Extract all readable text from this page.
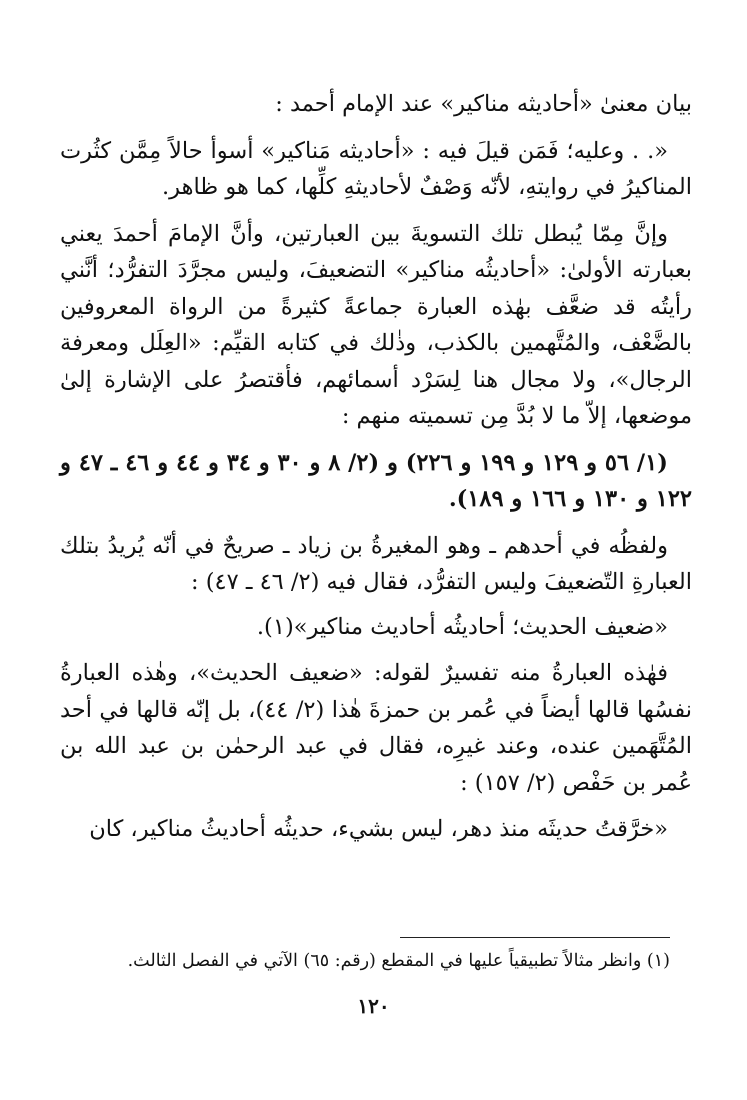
بيان معنىٰ «أحاديثه مناكير» عند الإمام أحمد :

«. . وعليه؛ فَمَن قيلَ فيه : «أحاديثه مَناكير» أسوأ حالاً مِمَّن كثُرت المناكيرُ في روايتهِ، لأنّه وَصْفٌ لأحاديثهِ كلِّها، كما هو ظاهر.

وإنَّ مِمّا يُبطل تلك التسويةَ بين العبارتين، وأنَّ الإمامَ أحمدَ يعني بعبارته الأولىٰ: «أحاديثُه مناكير» التضعيفَ، وليس مجرَّدَ التفرُّد؛ أنَّني رأيتُه قد ضعَّف بهٰذه العبارة جماعةً كثيرةً من الرواة المعروفين بالضَّعْف، والمُتَّهمين بالكذب، وذٰلك في كتابه القيِّم: «العِلَل ومعرفة الرجال»، ولا مجال هنا لِسَرْد أسمائهم، فأقتصرُ على الإشارة إلىٰ موضعها، إلاّ ما لا بُدَّ مِن تسميته منهم :

(١/ ٥٦ و ١٢٩ و ١٩٩ و ٢٢٦) و (٢/ ٨ و ٣٠ و ٣٤ و ٤٤ و ٤٦ ـ ٤٧ و ١٢٢ و ١٣٠ و ١٦٦ و ١٨٩).

ولفظُه في أحدهم ـ وهو المغيرةُ بن زياد ـ صريحٌ في أنّه يُريدُ بتلك العبارةِ التّضعيفَ وليس التفرُّد، فقال فيه (٢/ ٤٦ ـ ٤٧) :

«ضعيف الحديث؛ أحاديثُه أحاديث مناكير»(١).

فهٰذه العبارةُ منه تفسيرٌ لقوله: «ضعيف الحديث»، وهٰذه العبارةُ نفسُها قالها أيضاً في عُمر بن حمزةَ هٰذا (٢/ ٤٤)، بل إنّه قالها في أحد المُتَّهَمين عنده، وعند غيرِه، فقال في عبد الرحمٰن بن عبد الله بن عُمر بن حَفْص (٢/ ١٥٧) :

«خرَّقتُ حديثَه منذ دهر، ليس بشيء، حديثُه أحاديثُ مناكير، كان

(١) وانظر مثالاً تطبيقياً عليها في المقطع (رقم: ٦٥) الآتي في الفصل الثالث.

١٢٠
